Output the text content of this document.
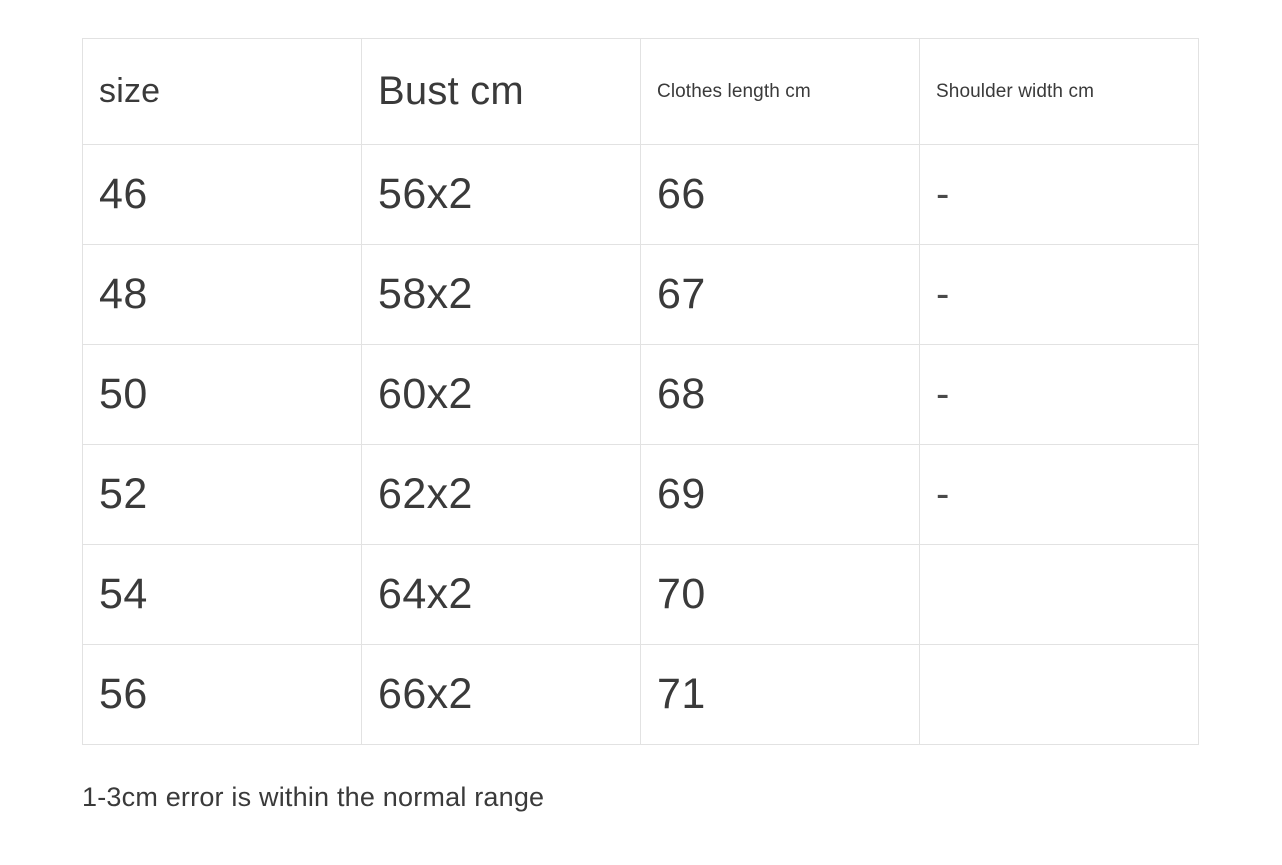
size	Bust cm	Clothes length cm	Shoulder width cm
46	56x2	66	-
48	58x2	67	-
50	60x2	68	-
52	62x2	69	-
54	64x2	70	
56	66x2	71	
1-3cm error is within the normal range
